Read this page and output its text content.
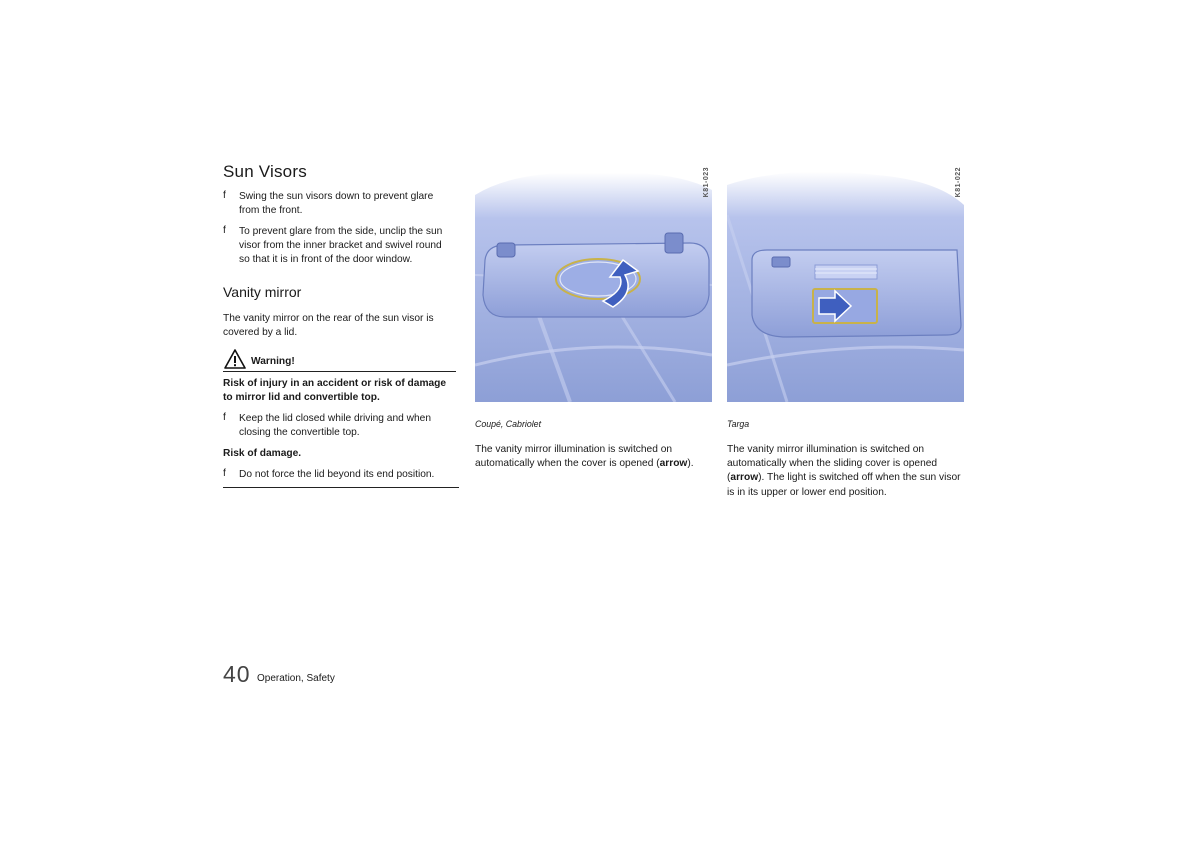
Sun Visors
f	Swing the sun visors down to prevent glare from the front.
f	To prevent glare from the side, unclip the sun visor from the inner bracket and swivel round so that it is in front of the door window.
Vanity mirror
The vanity mirror on the rear of the sun visor is covered by a lid.
Warning!
Risk of injury in an accident or risk of damage to mirror lid and convertible top.
f	Keep the lid closed while driving and when closing the convertible top.
Risk of damage.
f	Do not force the lid beyond its end position.
K81-023
Coupé, Cabriolet
The vanity mirror illumination is switched on automatically when the cover is opened (arrow).
K81-022
Targa
The vanity mirror illumination is switched on automatically when the sliding cover is opened (arrow). The light is switched off when the sun visor is in its upper or lower end position.
40 Operation, Safety
